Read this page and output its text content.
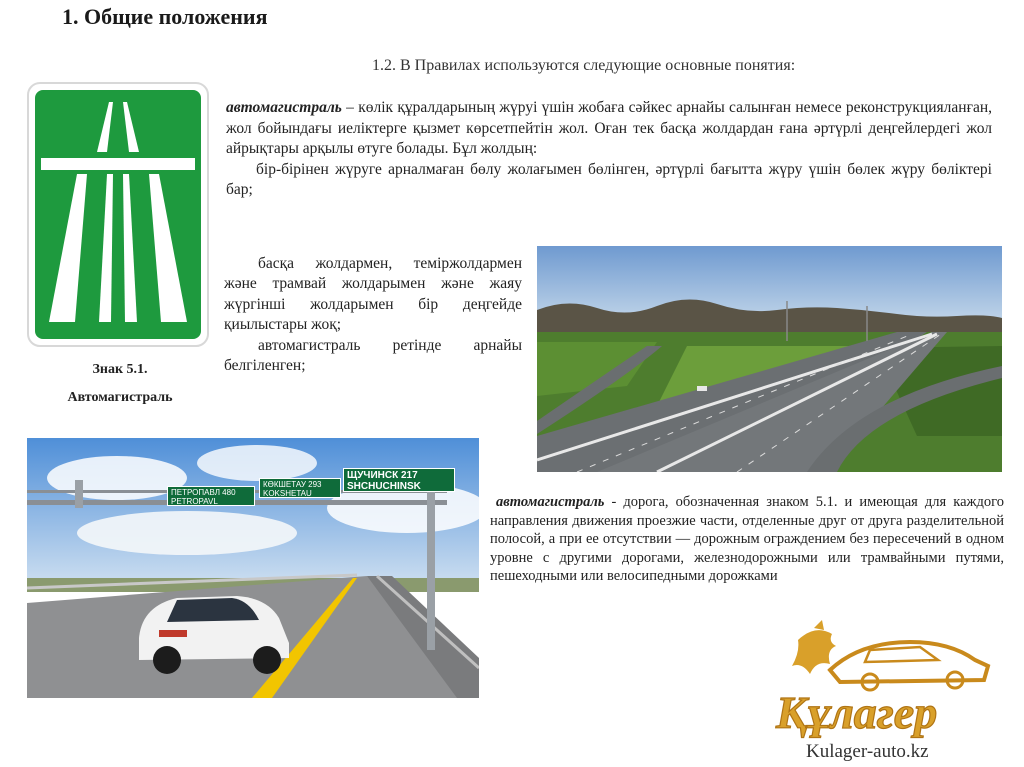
1. Общие положения
1.2. В Правилах используются следующие основные понятия:
Знак 5.1.
Автомагистраль

автомагистраль – көлік құралдарының жүруі үшін жобаға сәйкес арнайы салынған немесе реконструкцияланған, жол бойындағы иеліктерге қызмет көрсетпейтін жол. Оған тек басқа жолдардан ғана әртүрлі деңгейлердегі жол айрықтары арқылы өтуге болады. Бұл жолдың:

бір-бірінен жүруге арналмаған бөлу жолағымен бөлінген, әртүрлі бағытта жүру үшін бөлек жүру бөліктері бар;

басқа жолдармен, теміржолдармен және трамвай жолдарымен және жаяу жүргінші жолдарымен бір деңгейде қиылыстары жоқ;

автомагистраль ретінде арнайы белгіленген;

ПЕТРОПАВЛ 480
PETROPAVL
КӨКШЕТАУ 293
KOKSHETAU
ЩУЧИНСК 217
SHCHUCHINSK

автомагистраль - дорога, обозначенная знаком 5.1. и имеющая для каждого направления движения проезжие части, отделенные друг от друга разделительной полосой, а при ее отсутствии — дорожным ограждением без пересечений в одном уровне с другими дорогами, железнодорожными или трамвайными путями, пешеходными или велосипедными дорожками

Құлагер
Kulager-auto.kz
